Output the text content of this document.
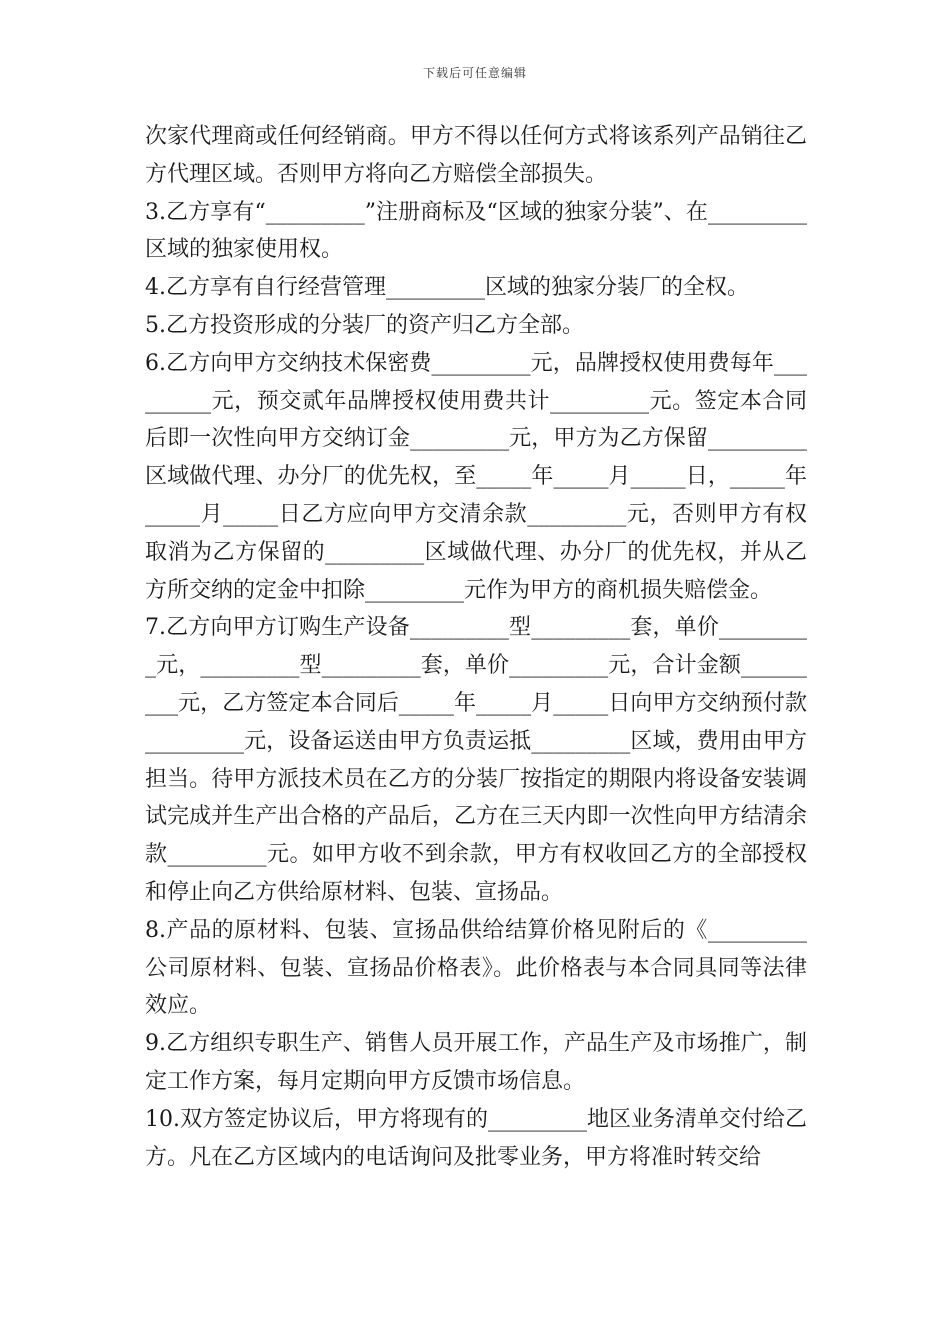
下载后可任意编辑

次家代理商或任何经销商。甲方不得以任何方式将该系列产品销往乙方代理区域。否则甲方将向乙方赔偿全部损失。

3.乙方享有“_________”注册商标及“区域的独家分装”、在_________区域的独家使用权。

4.乙方享有自行经营管理_________区域的独家分装厂的全权。

5.乙方投资形成的分装厂的资产归乙方全部。

6.乙方向甲方交纳技术保密费_________元，品牌授权使用费每年_________元，预交贰年品牌授权使用费共计_________元。签定本合同后即一次性向甲方交纳订金_________元，甲方为乙方保留_________区域做代理、办分厂的优先权，至_____年_____月_____日，_____年_____月_____日乙方应向甲方交清余款_________元，否则甲方有权取消为乙方保留的_________区域做代理、办分厂的优先权，并从乙方所交纳的定金中扣除_________元作为甲方的商机损失赔偿金。

7.乙方向甲方订购生产设备_________型_________套，单价_________元，_________型_________套，单价_________元，合计金额_________元，乙方签定本合同后_____年_____月_____日向甲方交纳预付款_________元，设备运送由甲方负责运抵_________区域，费用由甲方担当。待甲方派技术员在乙方的分装厂按指定的期限内将设备安装调试完成并生产出合格的产品后，乙方在三天内即一次性向甲方结清余款_________元。如甲方收不到余款，甲方有权收回乙方的全部授权和停止向乙方供给原材料、包装、宣扬品。

8.产品的原材料、包装、宣扬品供给结算价格见附后的《_________公司原材料、包装、宣扬品价格表》。此价格表与本合同具同等法律效应。

9.乙方组织专职生产、销售人员开展工作，产品生产及市场推广，制定工作方案，每月定期向甲方反馈市场信息。

10.双方签定协议后，甲方将现有的_________地区业务清单交付给乙方。凡在乙方区域内的电话询问及批零业务，甲方将准时转交给
